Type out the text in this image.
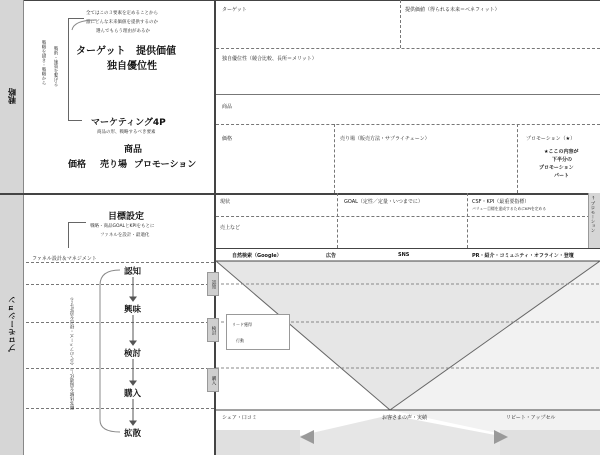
戦略
プロモーション
全てはこの３要素を定めることから
誰にどんな未来価値を提供するのか
選んでもらう理由があるか
ターゲット 提供価値
独自優位性
戦略を描き・戦略から 戦術・施策を繋げる
マーケティング4P
商品の形、戦略するべき要素
商品
価格 売り場 プロモーション
目標設定
戦略・商品GOALとKPIをもとに
ファネルを設計・最適化
ファネル設計＆マネジメント
認知
興味
検討
購入
拡散
顧客体験を最適化し、全てのフェーズ・接点を設計する
ターゲット	提供価値（得られる未来＝ベネフィット）
独自優位性（競合比較、長所＝メリット）
商品
価格	売り場（販売方法・サプライチェーン）	プロモーション（★）
★ここの内容が
下半分の
プロモーション
パート
現状	GOAL（定性／定量・いつまでに）	CSF・KPI（最重要指標）
バリュー目標を達成するためにKPIを定める
売上など	← プロモーション
自然検索（Google）	広告	SNS	PR・紹介・コミュニティ・オフライン・登壇
認知
検討
購入
リード獲得
行動
シェア・口コミ	お客さまの声・実績	リピート・アップセル
